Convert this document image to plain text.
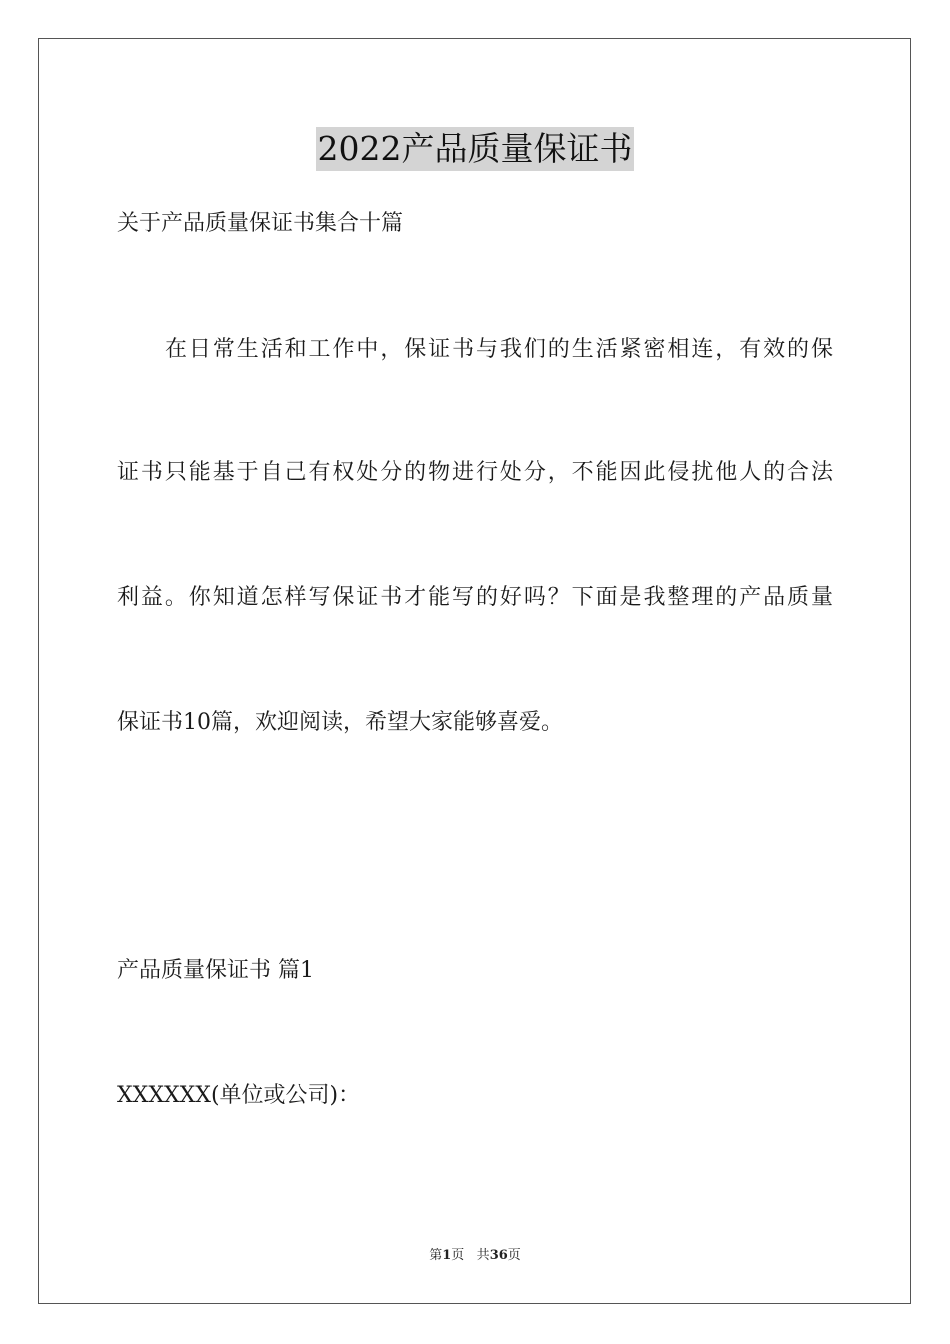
2022产品质量保证书
关于产品质量保证书集合十篇
在日常生活和工作中，保证书与我们的生活紧密相连，有效的保
证书只能基于自己有权处分的物进行处分，不能因此侵扰他人的合法
利益。你知道怎样写保证书才能写的好吗？下面是我整理的产品质量
保证书10篇，欢迎阅读，希望大家能够喜爱。
产品质量保证书 篇1
XXXXXX(单位或公司)：
第1页 共36页
